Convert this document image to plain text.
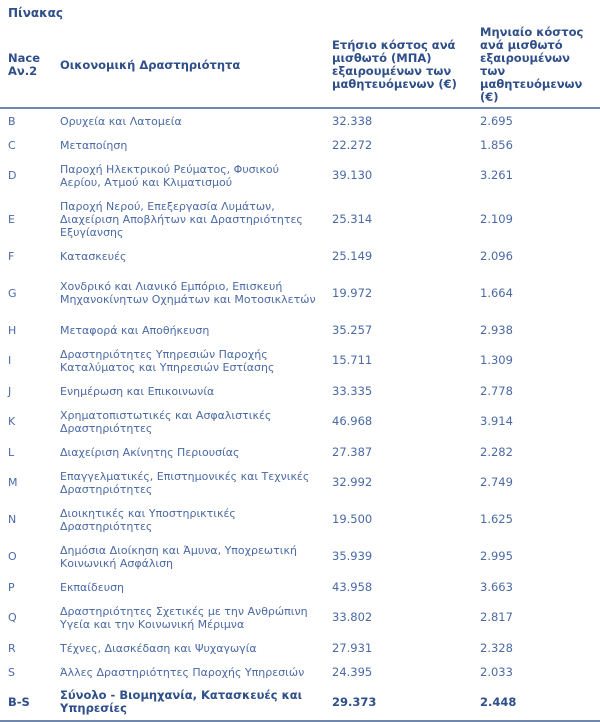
Πίνακας
Nace Αν.2	Οικονομική Δραστηριότητα	Ετήσιο κόστος ανά μισθωτό (ΜΠΑ) εξαιρουμένων των μαθητευόμενων (€)	Μηνιαίο κόστος ανά μισθωτό εξαιρουμένων των μαθητευόμενων (€)
B	Ορυχεία και Λατομεία	32.338	2.695
C	Μεταποίηση	22.272	1.856
D	Παροχή Ηλεκτρικού Ρεύματος, Φυσικού Αερίου, Ατμού και Κλιματισμού	39.130	3.261
E	Παροχή Νερού, Επεξεργασία Λυμάτων, Διαχείριση Αποβλήτων και Δραστηριότητες Εξυγίανσης	25.314	2.109
F	Κατασκευές	25.149	2.096
G	Χονδρικό και Λιανικό Εμπόριο, Επισκευή Μηχανοκίνητων Οχημάτων και Μοτοσικλετών	19.972	1.664
H	Μεταφορά και Αποθήκευση	35.257	2.938
I	Δραστηριότητες Υπηρεσιών Παροχής Καταλύματος και Υπηρεσιών Εστίασης	15.711	1.309
J	Ενημέρωση και Επικοινωνία	33.335	2.778
K	Χρηματοπιστωτικές και Ασφαλιστικές Δραστηριότητες	46.968	3.914
L	Διαχείριση Ακίνητης Περιουσίας	27.387	2.282
M	Επαγγελματικές, Επιστημονικές και Τεχνικές Δραστηριότητες	32.992	2.749
N	Διοικητικές και Υποστηρικτικές Δραστηριότητες	19.500	1.625
O	Δημόσια Διοίκηση και Άμυνα, Υποχρεωτική Κοινωνική Ασφάλιση	35.939	2.995
P	Εκπαίδευση	43.958	3.663
Q	Δραστηριότητες Σχετικές με την Ανθρώπινη Υγεία και την Κοινωνική Μέριμνα	33.802	2.817
R	Τέχνες, Διασκέδαση και Ψυχαγωγία	27.931	2.328
S	Άλλες Δραστηριότητες Παροχής Υπηρεσιών	24.395	2.033
B-S	Σύνολο - Βιομηχανία, Κατασκευές και Υπηρεσίες	29.373	2.448
